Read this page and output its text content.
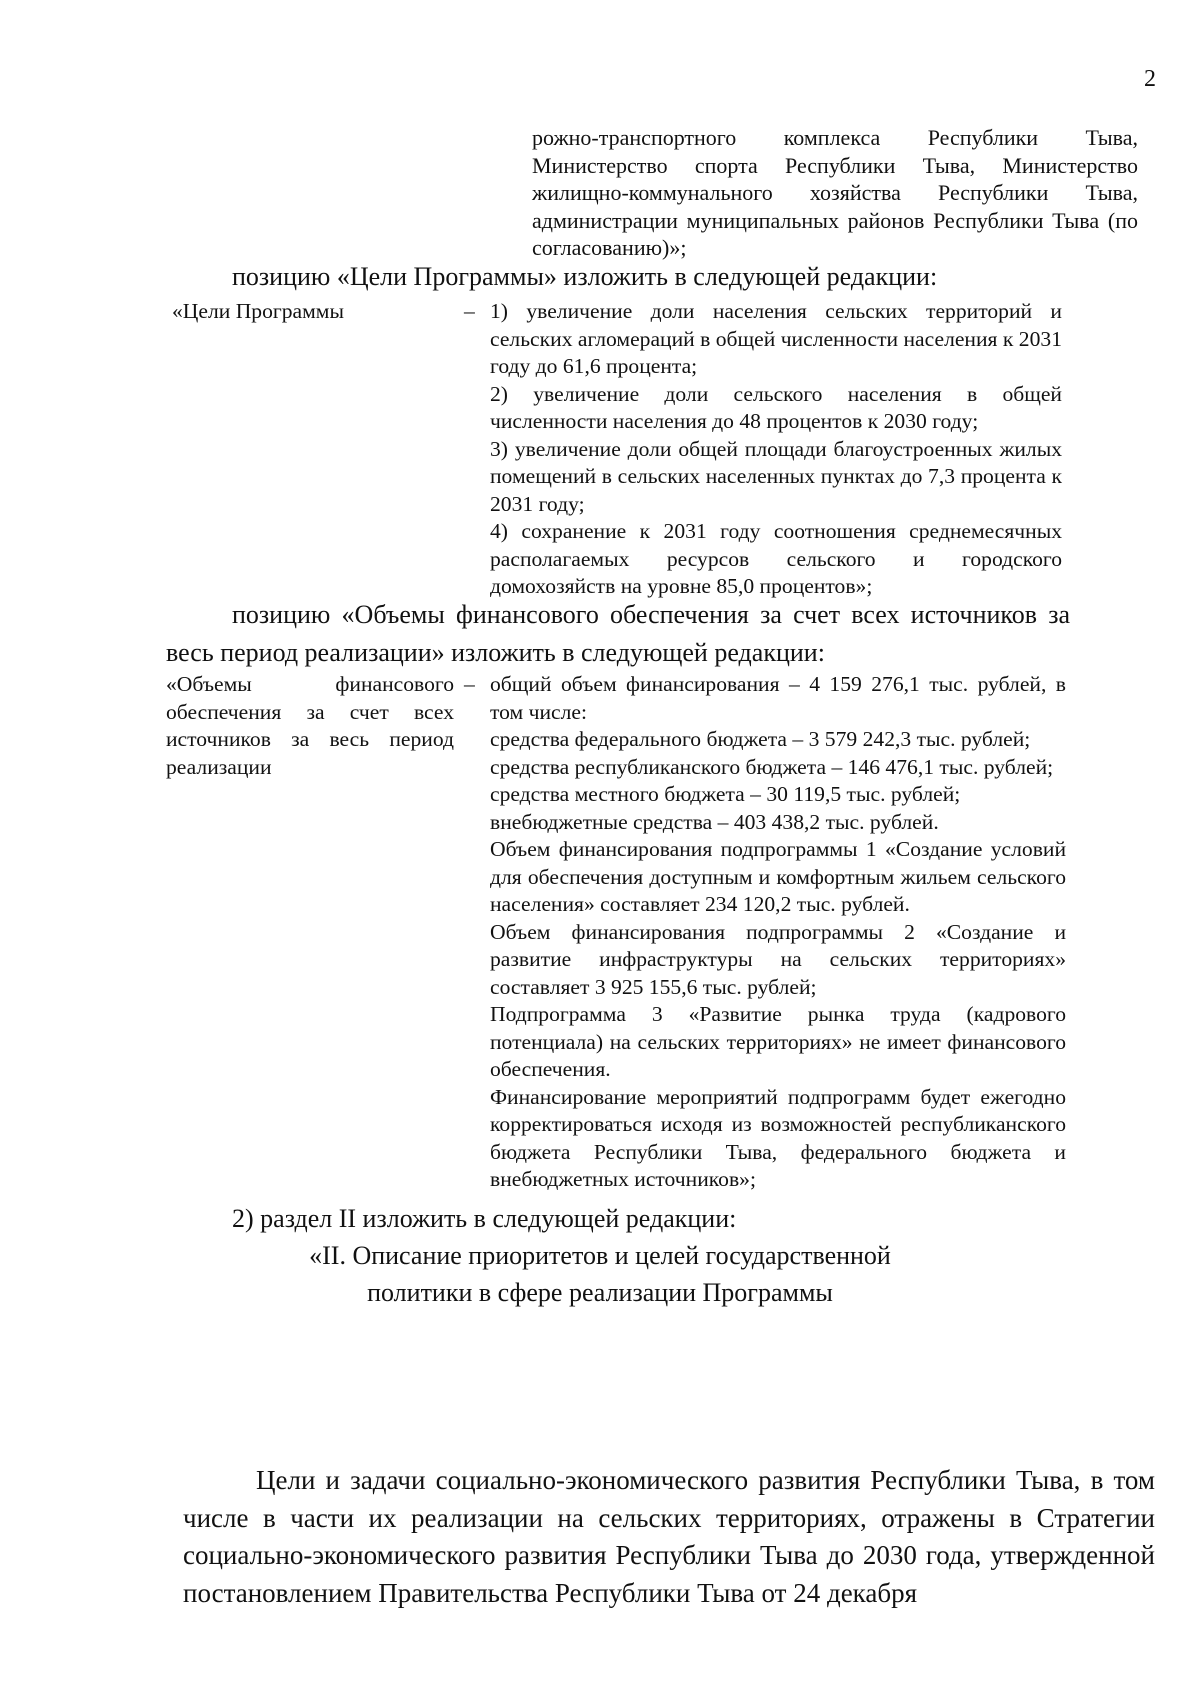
2
рожно-транспортного комплекса Республики Тыва, Министерство спорта Республики Тыва, Министерство жилищно-коммунального хозяйства Республики Тыва, администрации муниципальных районов Республики Тыва (по согласованию)»;
позицию «Цели Программы» изложить в следующей редакции:
«Цели Программы	– 1) увеличение доли населения сельских территорий и сельских агломераций в общей численности населения к 2031 году до 61,6 процента;

2) увеличение доли сельского населения в общей численности населения до 48 процентов к 2030 году;

3) увеличение доли общей площади благоустроенных жилых помещений в сельских населенных пунктах до 7,3 процента к 2031 году;

4) сохранение к 2031 году соотношения среднемесячных располагаемых ресурсов сельского и городского домохозяйств на уровне 85,0 процентов»;

позицию «Объемы финансового обеспечения за счет всех источников за весь период реализации» изложить в следующей редакции:
«Объемы финансового обеспечения за счет всех источников за весь период реализации
– общий объем финансирования – 4 159 276,1 тыс. рублей, в том числе:

средства федерального бюджета – 3 579 242,3 тыс. рублей;

средства республиканского бюджета – 146 476,1 тыс. рублей;

средства местного бюджета – 30 119,5 тыс. рублей;

внебюджетные средства – 403 438,2 тыс. рублей.

Объем финансирования подпрограммы 1 «Создание условий для обеспечения доступным и комфортным жильем сельского населения» составляет 234 120,2 тыс. рублей.

Объем финансирования подпрограммы 2 «Создание и развитие инфраструктуры на сельских территориях» составляет 3 925 155,6 тыс. рублей;

Подпрограмма 3 «Развитие рынка труда (кадрового потенциала) на сельских территориях» не имеет финансового обеспечения.

Финансирование мероприятий подпрограмм будет ежегодно корректироваться исходя из возможностей республиканского бюджета Республики Тыва, федерального бюджета и внебюджетных источников»;

2) раздел II изложить в следующей редакции:
«II. Описание приоритетов и целей государственной
политики в сфере реализации Программы
Цели и задачи социально-экономического развития Республики Тыва, в том числе в части их реализации на сельских территориях, отражены в Стратегии социально-экономического развития Республики Тыва до 2030 года, утвержденной постановлением Правительства Республики Тыва от 24 декабря
